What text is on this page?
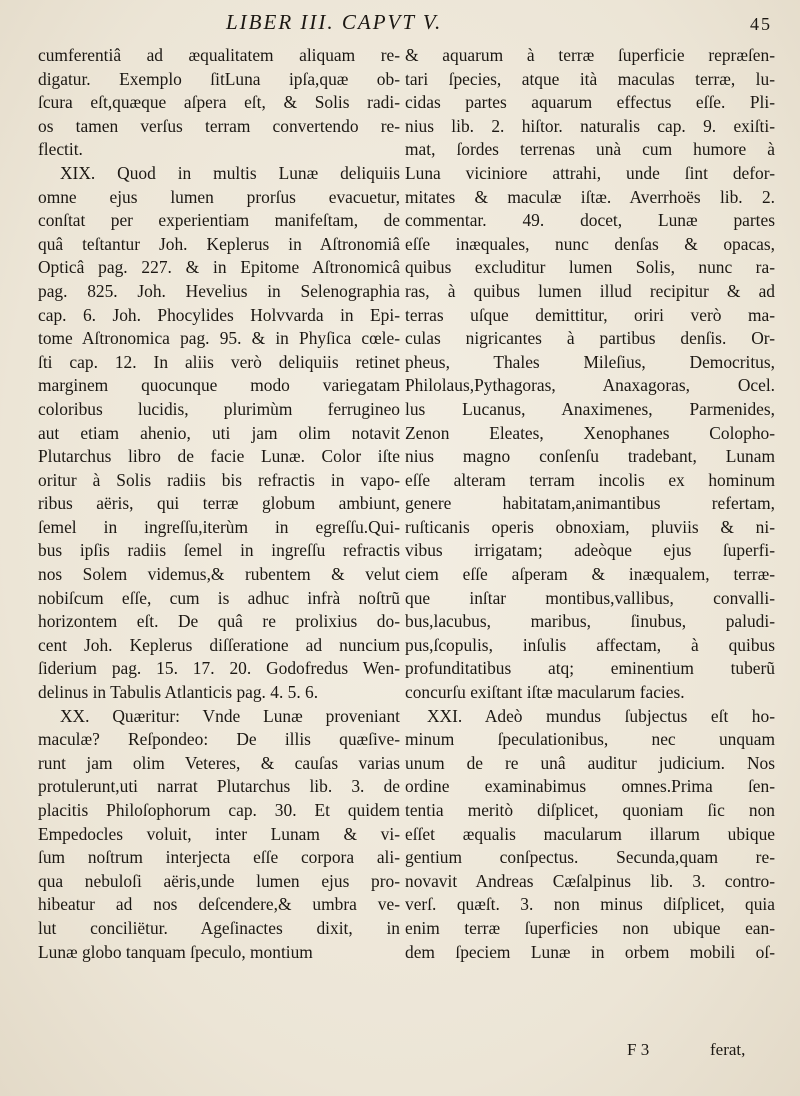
LIBER III. CAPVT V.	45
cumferentiâ ad æqualitatem aliquam re-
digatur. Exemplo ſitLuna ipſa,quæ ob-
ſcura eſt,quæque aſpera eſt, & Solis radi-
os tamen verſus terram convertendo re-
flectit.
XIX. Quod in multis Lunæ deliquiis
omne ejus lumen prorſus evacuetur,
conſtat per experientiam manifeſtam, de
quâ teſtantur Joh. Keplerus in Aſtronomiâ
Opticâ pag. 227. & in Epitome Aſtronomicâ
pag. 825. Joh. Hevelius in Selenographia
cap. 6. Joh. Phocylides Holvvarda in Epi-
tome Aſtronomica pag. 95. & in Phyſica cœle-
ſti cap. 12. In aliis verò deliquiis retinet
marginem quocunque modo variegatam
coloribus lucidis, plurimùm ferrugineo
aut etiam ahenio, uti jam olim notavit
Plutarchus libro de facie Lunæ. Color iſte
oritur à Solis radiis bis refractis in vapo-
ribus aëris, qui terræ globum ambiunt,
ſemel in ingreſſu,iterùm in egreſſu.Qui-
bus ipſis radiis ſemel in ingreſſu refractis
nos Solem videmus,& rubentem & velut
nobiſcum eſſe, cum is adhuc infrà noſtrũ
horizontem eſt. De quâ re prolixius do-
cent Joh. Keplerus diſſeratione ad nuncium
ſiderium pag. 15. 17. 20. Godofredus Wen-
delinus in Tabulis Atlanticis pag. 4. 5. 6.
XX. Quæritur: Vnde Lunæ proveniant
maculæ? Reſpondeo: De illis quæſive-
runt jam olim Veteres, & cauſas varias
protulerunt,uti narrat Plutarchus lib. 3. de
placitis Philoſophorum cap. 30. Et quidem
Empedocles voluit, inter Lunam & vi-
ſum noſtrum interjecta eſſe corpora ali-
qua nebuloſi aëris,unde lumen ejus pro-
hibeatur ad nos deſcendere,& umbra ve-
lut conciliëtur. Ageſinactes dixit, in
Lunæ globo tanquam ſpeculo, montium
& aquarum à terræ ſuperficie repræſen-
tari ſpecies, atque ità maculas terræ, lu-
cidas partes aquarum effectus eſſe. Pli-
nius lib. 2. hiſtor. naturalis cap. 9. exiſti-
mat, ſordes terrenas unà cum humore à
Luna viciniore attrahi, unde ſint defor-
mitates & maculæ iſtæ. Averrhoës lib. 2.
commentar. 49. docet, Lunæ partes
eſſe inæquales, nunc denſas & opacas,
quibus excluditur lumen Solis, nunc ra-
ras, à quibus lumen illud recipitur & ad
terras uſque demittitur, oriri verò ma-
culas nigricantes à partibus denſis. Or-
pheus, Thales Mileſius, Democritus,
Philolaus,Pythagoras, Anaxagoras, Ocel.
lus Lucanus, Anaximenes, Parmenides,
Zenon Eleates, Xenophanes Colopho-
nius magno conſenſu tradebant, Lunam
eſſe alteram terram incolis ex hominum
genere habitatam,animantibus refertam,
ruſticanis operis obnoxiam, pluviis & ni-
vibus irrigatam; adeòque ejus ſuperfi-
ciem eſſe aſperam & inæqualem, terræ-
que inſtar montibus,vallibus, convalli-
bus,lacubus, maribus, ſinubus, paludi-
pus,ſcopulis, inſulis affectam, à quibus
profunditatibus atq; eminentium tuberũ
concurſu exiſtant iſtæ macularum facies.
XXI. Adeò mundus ſubjectus eſt ho-
minum ſpeculationibus, nec unquam
unum de re unâ auditur judicium. Nos
ordine examinabimus omnes.Prima ſen-
tentia meritò diſplicet, quoniam ſic non
eſſet æqualis macularum illarum ubique
gentium conſpectus. Secunda,quam re-
novavit Andreas Cæſalpinus lib. 3. contro-
verſ. quæſt. 3. non minus diſplicet, quia
enim terræ ſuperficies non ubique ean-
dem ſpeciem Lunæ in orbem mobili oſ-
F 3	ferat,
